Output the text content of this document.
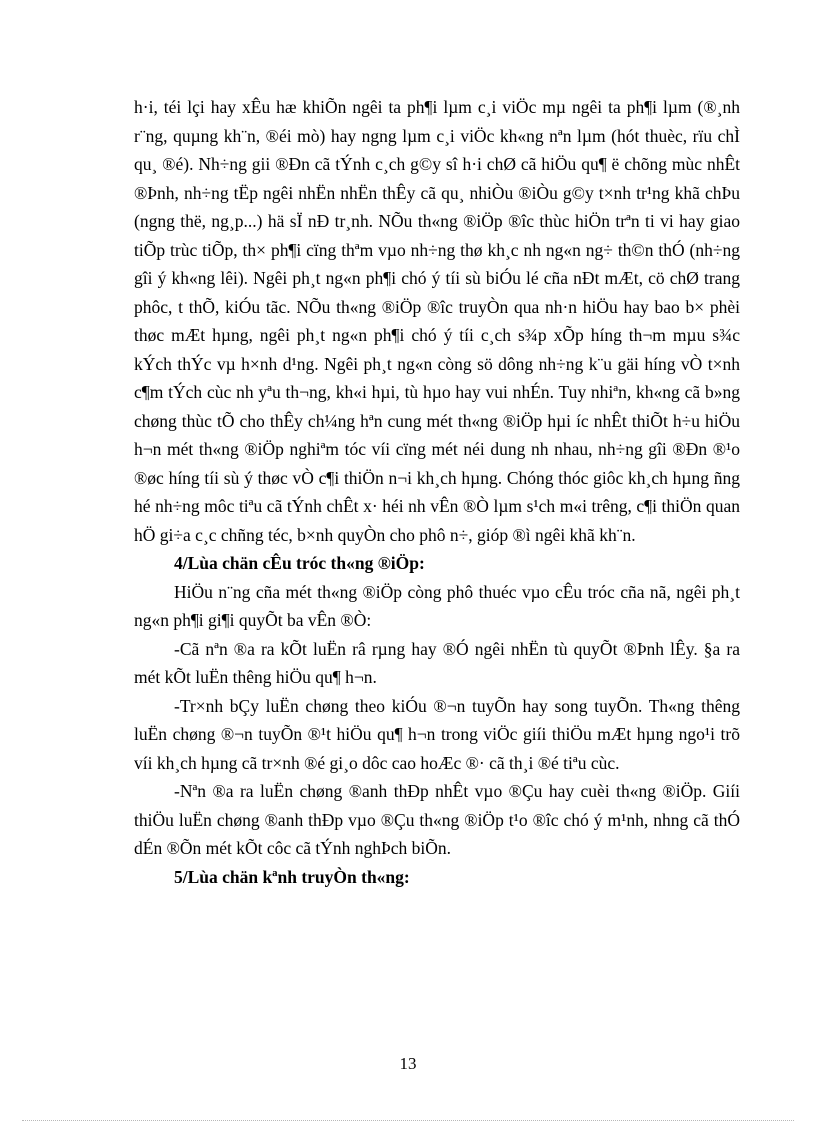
h·i, téi lçi hay xÊu hæ khiÕn ngêi ta ph¶i lµm c¸i viÖc mµ ngêi ta ph¶i lµm (®¸nh r¨ng, quµng kh¨n, ®éi mò) hay ngng lµm c¸i viÖc kh«ng nªn lµm (hót thuèc, rïu chÌ qu¸ ®é). Nh÷ng gii ®Ðn cã tÝnh c¸ch g©y sî h·i chØ cã hiÖu qu¶ ë chõng mùc nhÊt ®Þnh, nh÷ng tËp ngêi nhËn nhËn thÊy cã qu¸ nhiÒu ®iÒu g©y t×nh tr¹ng khã chÞu (ngng thë, ng¸p...) hä sÏ nÐ tr¸nh. NÕu th«ng ®iÖp ®îc thùc hiÖn trªn ti vi hay giao tiÕp trùc tiÕp, th× ph¶i cïng thªm vµo nh÷ng thø kh¸c nh ng«n ng÷ th©n thÓ (nh÷ng gîi ý kh«ng lêi). Ngêi ph¸t ng«n ph¶i chó ý tíi sù biÓu lé cña nÐt mÆt, cö chØ trang phôc, t thÕ, kiÓu tãc. NÕu th«ng ®iÖp ®îc truyÒn qua nh·n hiÖu hay bao b× phèi thøc mÆt hµng, ngêi ph¸t ng«n ph¶i chó ý tíi c¸ch s¾p xÕp híng th¬m mµu s¾c kÝch thÝc vµ h×nh d¹ng. Ngêi ph¸t ng«n còng sö dông nh÷ng k¨u gäi híng vÒ t×nh c¶m tÝch cùc nh yªu th¬ng, kh«i hµi, tù hµo hay vui nhÉn. Tuy nhiªn, kh«ng cã b»ng chøng thùc tÕ cho thÊy ch¼ng hªn cung mét th«ng ®iÖp hµi íc nhÊt thiÕt h÷u hiÖu h¬n mét th«ng ®iÖp nghiªm tóc víi cïng mét néi dung nh nhau, nh÷ng gîi ®Ðn ®¹o ®øc híng tíi sù ý thøc vÒ c¶i thiÖn n¬i kh¸ch hµng. Chóng thóc giôc kh¸ch hµng ñng hé nh÷ng môc tiªu cã tÝnh chÊt x· héi nh vÊn ®Ò lµm s¹ch m«i trêng, c¶i thiÖn quan hÖ gi÷a c¸c chñng téc, b×nh quyÒn cho phô n÷, gióp ®ì ngêi khã kh¨n.

4/Lùa chän cÊu tróc th«ng ®iÖp:

HiÖu n¨ng cña mét th«ng ®iÖp còng phô thuéc vµo cÊu tróc cña nã, ngêi ph¸t ng«n ph¶i gi¶i quyÕt ba vÊn ®Ò:

-Cã nªn ®a ra kÕt luËn râ rµng hay ®Ó ngêi nhËn tù quyÕt ®Þnh lÊy. §a ra mét kÕt luËn thêng hiÖu qu¶ h¬n.

-Tr×nh bÇy luËn chøng theo kiÓu ®¬n tuyÕn hay song tuyÕn. Th«ng thêng luËn chøng ®¬n tuyÕn ®¹t hiÖu qu¶ h¬n trong viÖc giíi thiÖu mÆt hµng ngo¹i trõ víi kh¸ch hµng cã tr×nh ®é gi¸o dôc cao hoÆc ®· cã th¸i ®é tiªu cùc.

-Nªn ®a ra luËn chøng ®anh thÐp nhÊt vµo ®Çu hay cuèi th«ng ®iÖp. Giíi thiÖu luËn chøng ®anh thÐp vµo ®Çu th«ng ®iÖp t¹o ®îc chó ý m¹nh, nhng cã thÓ dÉn ®Õn mét kÕt côc cã tÝnh nghÞch biÕn.

5/Lùa chän kªnh truyÒn th«ng:

13
